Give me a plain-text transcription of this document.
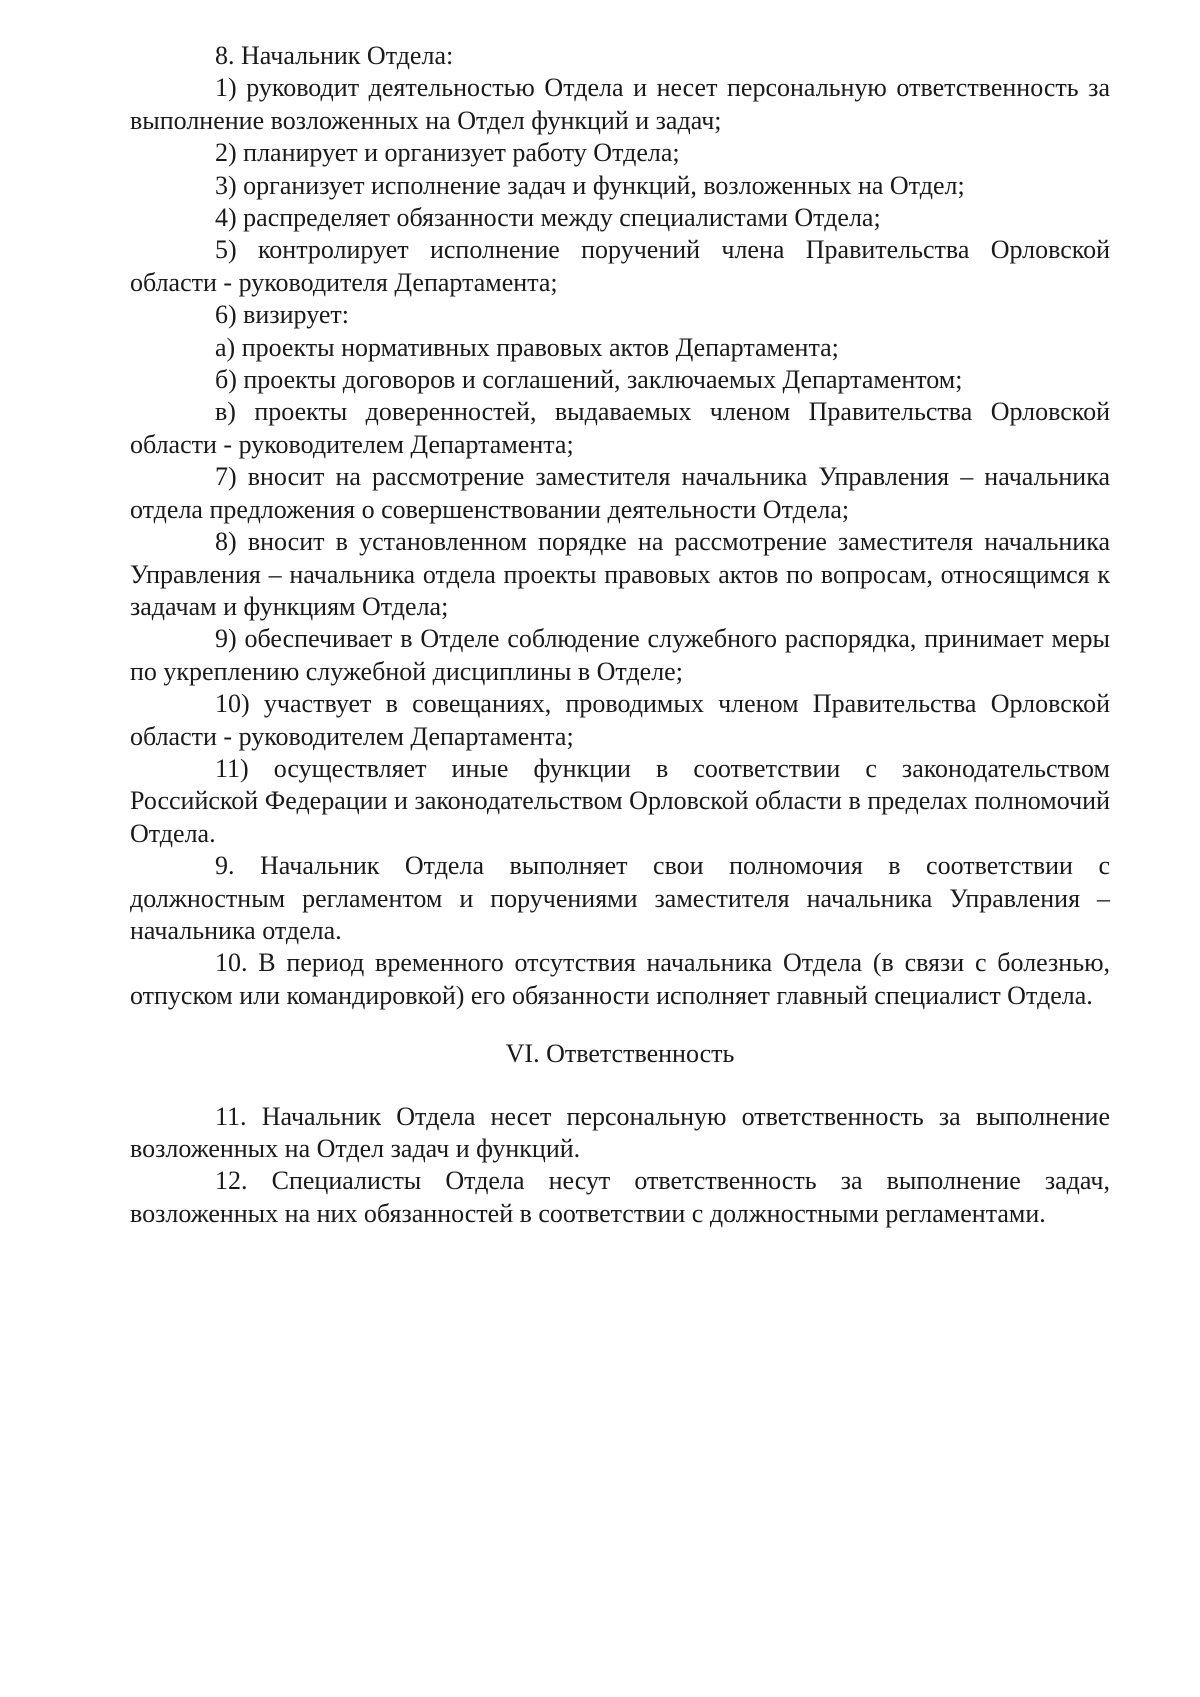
8. Начальник Отдела:

1) руководит деятельностью Отдела и несет персональную ответственность за выполнение возложенных на Отдел функций и задач;

2) планирует и организует работу Отдела;

3) организует исполнение задач и функций, возложенных на Отдел;

4) распределяет обязанности между специалистами Отдела;

5) контролирует исполнение поручений члена Правительства Орловской области - руководителя Департамента;

6) визирует:

а) проекты нормативных правовых актов Департамента;

б) проекты договоров и соглашений, заключаемых Департаментом;

в) проекты доверенностей, выдаваемых членом Правительства Орловской области - руководителем Департамента;

7) вносит на рассмотрение заместителя начальника Управления – начальника отдела предложения о совершенствовании деятельности Отдела;

8) вносит в установленном порядке на рассмотрение заместителя начальника Управления – начальника отдела проекты правовых актов по вопросам, относящимся к задачам и функциям Отдела;

9) обеспечивает в Отделе соблюдение служебного распорядка, принимает меры по укреплению служебной дисциплины в Отделе;

10) участвует в совещаниях, проводимых членом Правительства Орловской области - руководителем Департамента;

11) осуществляет иные функции в соответствии с законодательством Российской Федерации и законодательством Орловской области в пределах полномочий Отдела.

9. Начальник Отдела выполняет свои полномочия в соответствии с должностным регламентом и поручениями заместителя начальника Управления – начальника отдела.

10. В период временного отсутствия начальника Отдела (в связи с болезнью, отпуском или командировкой) его обязанности исполняет главный специалист Отдела.

VI. Ответственность

11. Начальник Отдела несет персональную ответственность за выполнение возложенных на Отдел задач и функций.

12. Специалисты Отдела несут ответственность за выполнение задач, возложенных на них обязанностей в соответствии с должностными регламентами.
